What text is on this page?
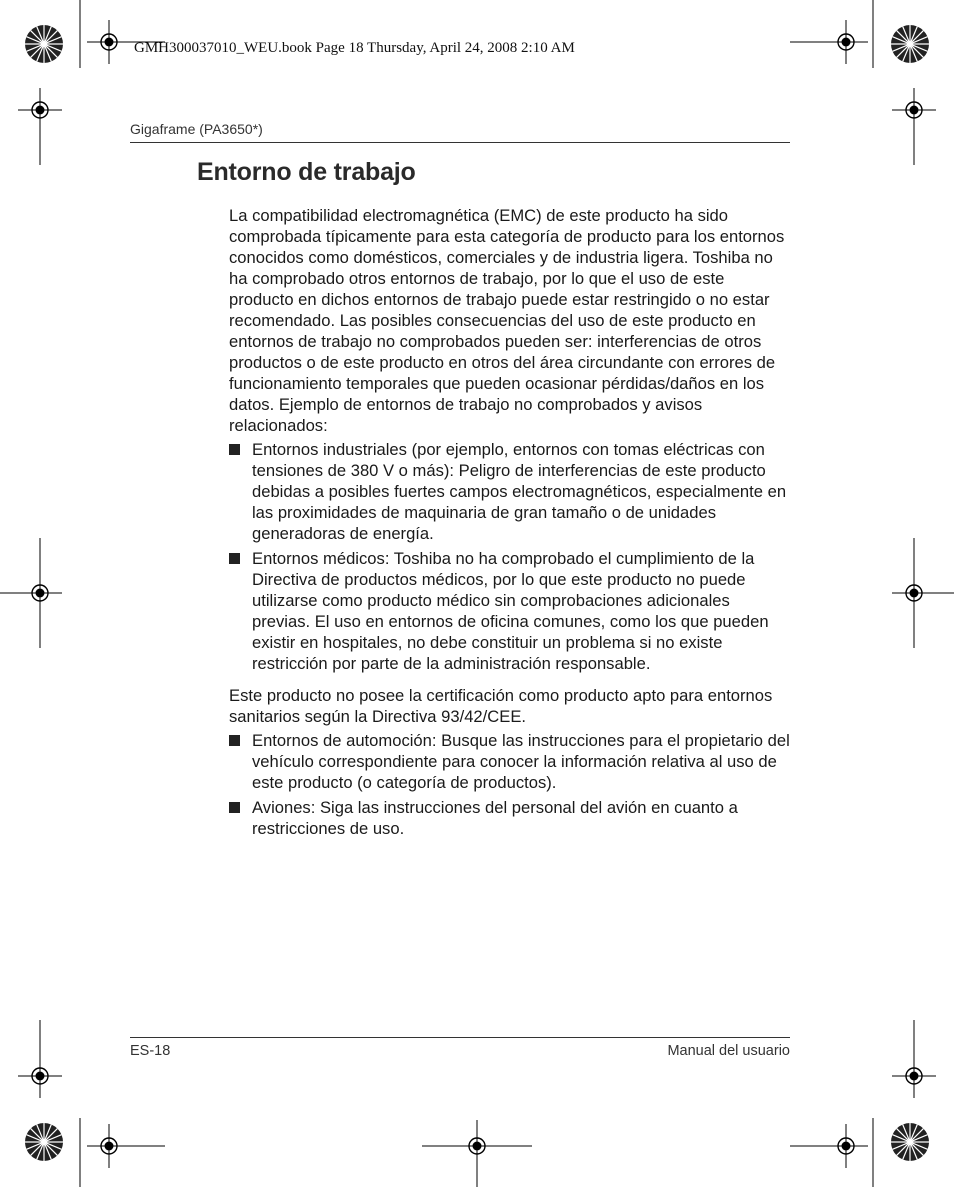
GMH300037010_WEU.book Page 18 Thursday, April 24, 2008 2:10 AM
Gigaframe (PA3650*)
Entorno de trabajo

La compatibilidad electromagnética (EMC) de este producto ha sido comprobada típicamente para esta categoría de producto para los entornos conocidos como domésticos, comerciales y de industria ligera. Toshiba no ha comprobado otros entornos de trabajo, por lo que el uso de este producto en dichos entornos de trabajo puede estar restringido o no estar recomendado. Las posibles consecuencias del uso de este producto en entornos de trabajo no comprobados pueden ser: interferencias de otros productos o de este producto en otros del área circundante con errores de funcionamiento temporales que pueden ocasionar pérdidas/daños en los datos. Ejemplo de entornos de trabajo no comprobados y avisos relacionados:

Entornos industriales (por ejemplo, entornos con tomas eléctricas con tensiones de 380 V o más): Peligro de interferencias de este producto debidas a posibles fuertes campos electromagnéticos, especialmente en las proximidades de maquinaria de gran tamaño o de unidades generadoras de energía.
Entornos médicos: Toshiba no ha comprobado el cumplimiento de la Directiva de productos médicos, por lo que este producto no puede utilizarse como producto médico sin comprobaciones adicionales previas. El uso en entornos de oficina comunes, como los que pueden existir en hospitales, no debe constituir un problema si no existe restricción por parte de la administración responsable.

Este producto no posee la certificación como producto apto para entornos sanitarios según la Directiva 93/42/CEE.

Entornos de automoción: Busque las instrucciones para el propietario del vehículo correspondiente para conocer la información relativa al uso de este producto (o categoría de productos).
Aviones: Siga las instrucciones del personal del avión en cuanto a restricciones de uso.
ES-18	Manual del usuario
